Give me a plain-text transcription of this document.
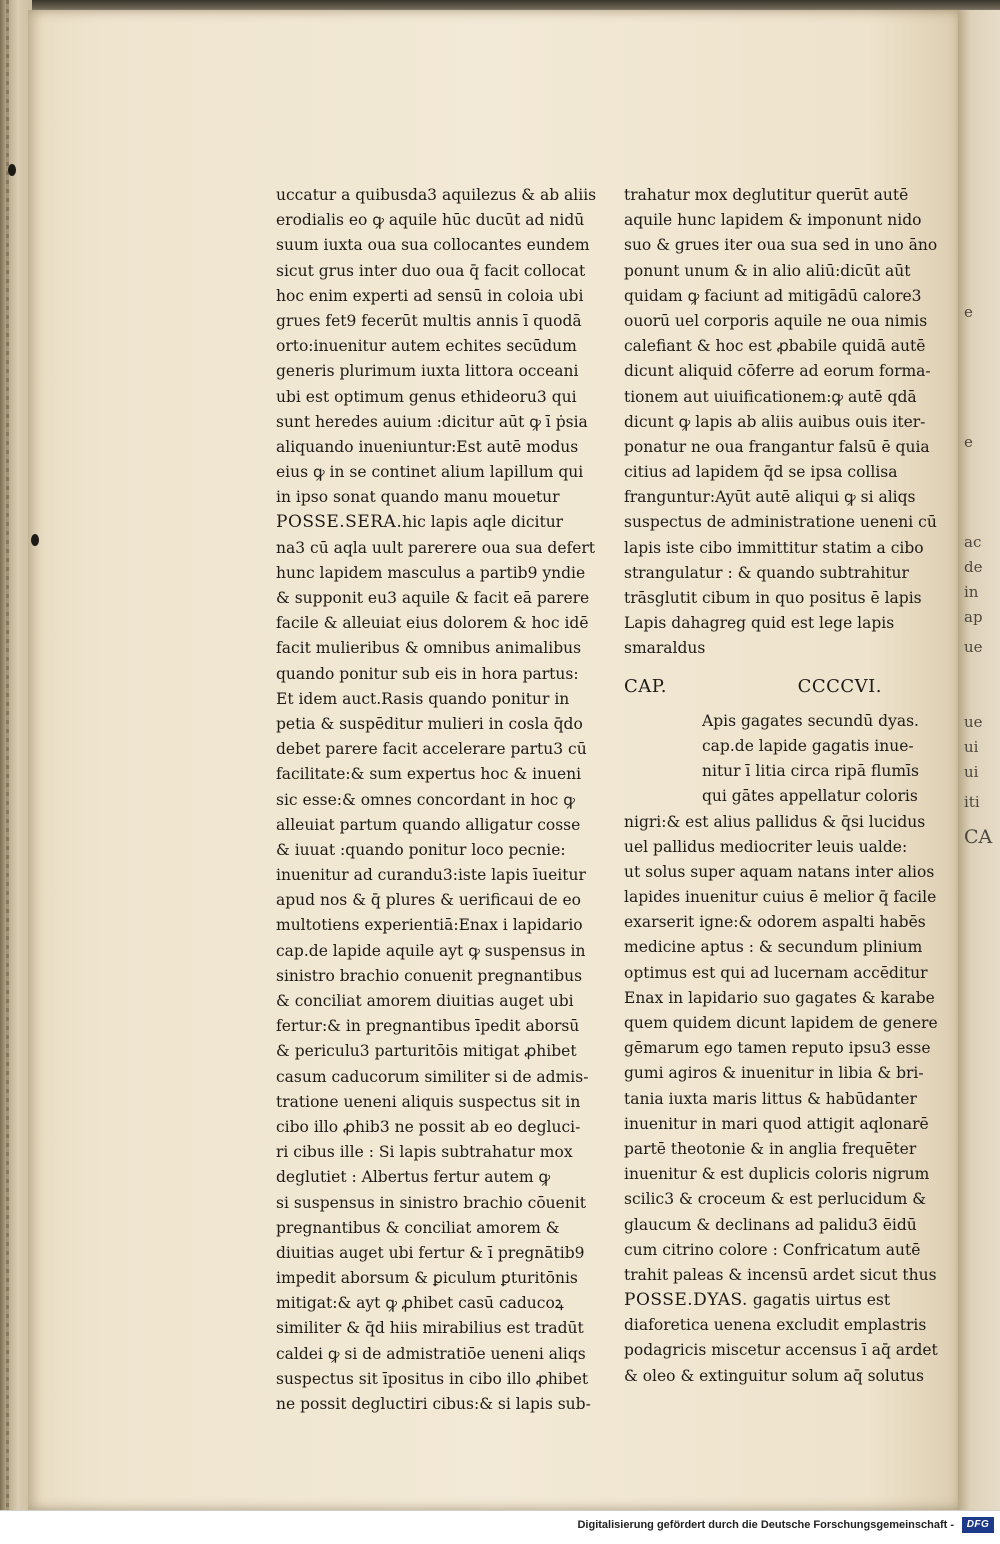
e
e
ac
de
in
ap
ue
ue
ui
ui
iti
CA
uccatur a quibusda3 aquilezus & ab aliis
erodialis eo ꝙ aquile hūc ducūt ad nidū
suum iuxta oua sua collocantes eundem
sicut grus inter duo oua q̄ facit collocat
hoc enim experti ad sensū in coloia ubi
grues fet9 fecerūt multis annis ī quodā
orto:inuenitur autem echites secūdum
generis plurimum iuxta littora occeani
ubi est optimum genus ethideoru3 qui
sunt heredes auium :dicitur aūt ꝙ ī ṗsia
aliquando inueniuntur:Est autē modus
eius ꝙ in se continet alium lapillum qui
in ipso sonat quando manu mouetur
POSSE.SERA.hic lapis aqle dicitur
na3 cū aqla uult parerere oua sua defert
hunc lapidem masculus a partib9 yndie
& supponit eu3 aquile & facit eā parere
facile & alleuiat eius dolorem & hoc idē
facit mulieribus & omnibus animalibus
quando ponitur sub eis in hora partus:
Et idem auct.Rasis quando ponitur in
petia & suspēditur mulieri in cosla q̄do
debet parere facit accelerare partu3 cū
facilitate:& sum expertus hoc & inueni
sic esse:& omnes concordant in hoc ꝙ
alleuiat partum quando alligatur cosse
& iuuat :quando ponitur loco pecnie:
inuenitur ad curandu3:iste lapis īueitur
apud nos & q̄ plures & uerificaui de eo
multotiens experientiā:Enax i lapidario
cap.de lapide aquile ayt ꝙ suspensus in
sinistro brachio conuenit pregnantibus
& conciliat amorem diuitias auget ubi
fertur:& in pregnantibus īpedit aborsū
& periculu3 parturitōis mitigat ꝓhibet
casum caducorum similiter si de admis-
tratione ueneni aliquis suspectus sit in
cibo illo ꝓhib3 ne possit ab eo degluci-
ri cibus ille : Si lapis subtrahatur mox
deglutiet : Albertus fertur autem ꝙ
si suspensus in sinistro brachio cōuenit
pregnantibus & conciliat amorem &
diuitias auget ubi fertur & ī pregnātib9
impedit aborsum & ꝑiculum ꝑturitōnis
mitigat:& ayt ꝙ ꝓhibet casū caducoꝝ
similiter & q̄d hiis mirabilius est tradūt
caldei ꝙ si de admistratiōe ueneni aliqs
suspectus sit īpositus in cibo illo ꝓhibet
ne possit degluctiri cibus:& si lapis sub-
trahatur mox deglutitur querūt autē
aquile hunc lapidem & imponunt nido
suo & grues iter oua sua sed in uno āno
ponunt unum & in alio aliū:dicūt aūt
quidam ꝙ faciunt ad mitigādū calore3
ouorū uel corporis aquile ne oua nimis
calefiant & hoc est ꝓbabile quidā autē
dicunt aliquid cōferre ad eorum forma-
tionem aut uiuificationem:ꝙ autē qdā
dicunt ꝙ lapis ab aliis auibus ouis iter-
ponatur ne oua frangantur falsū ē quia
citius ad lapidem q̄d se ipsa collisa
franguntur:Ayūt autē aliqui ꝙ si aliqs
suspectus de administratione ueneni cū
lapis iste cibo immittitur statim a cibo
strangulatur : & quando subtrahitur
trāsglutit cibum in quo positus ē lapis
Lapis dahagreg quid est lege lapis
smaraldus
CAP.	CCCCVI.
Apis gagates secundū dyas.
cap.de lapide gagatis inue-
nitur ī litia circa ripā flumīs
qui gātes appellatur coloris
nigri:& est alius pallidus & q̄si lucidus
uel pallidus mediocriter leuis ualde:
ut solus super aquam natans inter alios
lapides inuenitur cuius ē melior q̄ facile
exarserit igne:& odorem aspalti habēs
medicine aptus : & secundum plinium
optimus est qui ad lucernam accēditur
Enax in lapidario suo gagates & karabe
quem quidem dicunt lapidem de genere
gēmarum ego tamen reputo ipsu3 esse
gumi agiros & inuenitur in libia & bri-
tania iuxta maris littus & habūdanter
inuenitur in mari quod attigit aqlonarē
partē theotonie & in anglia frequēter
inuenitur & est duplicis coloris nigrum
scilic3 & croceum & est perlucidum &
glaucum & declinans ad palidu3 ēidū
cum citrino colore : Confricatum autē
trahit paleas & incensū ardet sicut thus
POSSE.DYAS. gagatis uirtus est
diaforetica uenena excludit emplastris
podagricis miscetur accensus ī aq̄ ardet
& oleo & extinguitur solum aq̄ solutus
Digitalisierung gefördert durch die Deutsche Forschungsgemeinschaft -	DFG
